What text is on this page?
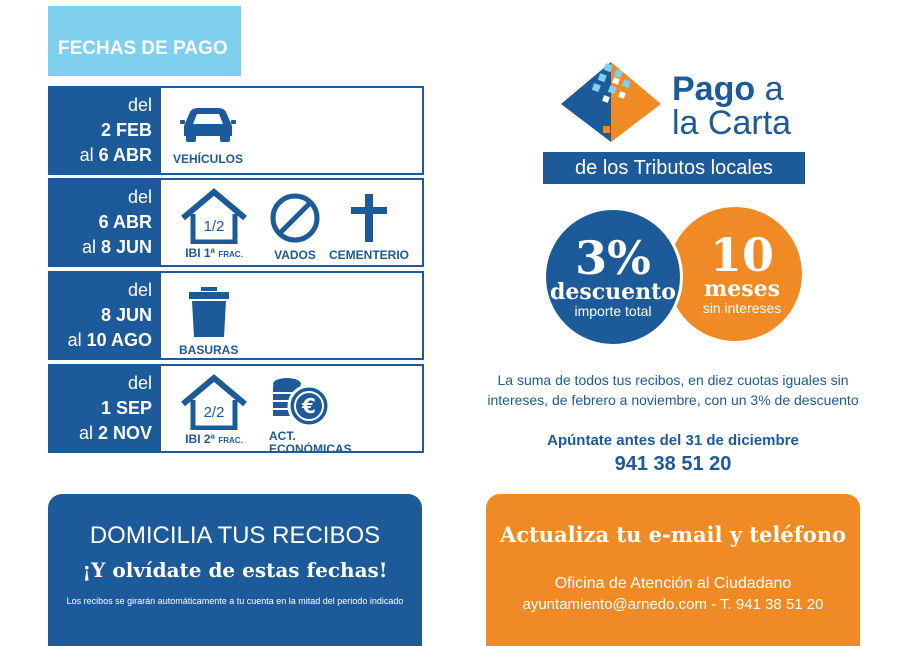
FECHAS DE PAGO
del
2 FEB
al 6 ABR VEHÍCULOS
del
6 ABR
al 8 JUN
1/2
IBI 1ª FRAC.	VADOS CEMENTERIO
del
8 JUN
al 10 AGO BASURAS
del
1 SEP
al 2 NOV
2/2
IBI 2ª FRAC.
€
ACT.
ECONÓMICAS
Pago a
la Carta
de los Tributos locales
10
meses
sin intereses
3%
descuento
importe total
La suma de todos tus recibos, en diez cuotas iguales sin intereses, de febrero a noviembre, con un 3% de descuento
Apúntate antes del 31 de diciembre
941 38 51 20
DOMICILIA TUS RECIBOS
¡Y olvídate de estas fechas!
Los recibos se girarán automáticamente a tu cuenta en la mitad del periodo indicado
Actualiza tu e-mail y teléfono
Oficina de Atención al Ciudadano
ayuntamiento@arnedo.com - T. 941 38 51 20
